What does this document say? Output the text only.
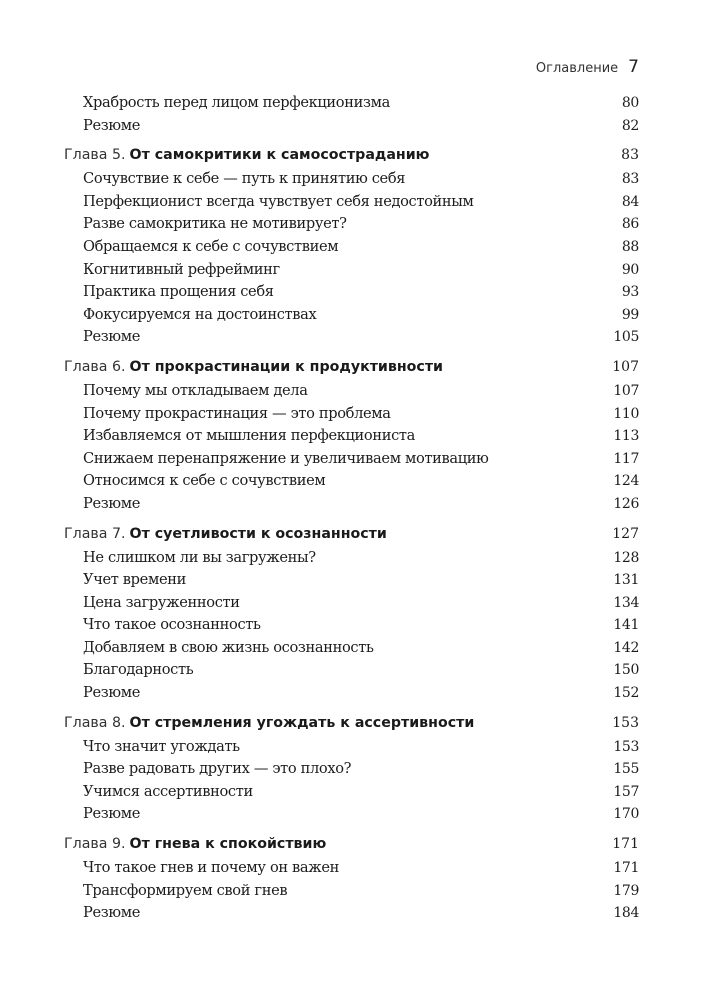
Оглавление 7
Храбрость перед лицом перфекционизма	80
Резюме	82
Глава 5. От самокритики к самосостраданию	83
Сочувствие к себе — путь к принятию себя	83
Перфекционист всегда чувствует себя недостойным	84
Разве самокритика не мотивирует?	86
Обращаемся к себе с сочувствием	88
Когнитивный рефрейминг	90
Практика прощения себя	93
Фокусируемся на достоинствах	99
Резюме	105
Глава 6. От прокрастинации к продуктивности	107
Почему мы откладываем дела	107
Почему прокрастинация — это проблема	110
Избавляемся от мышления перфекциониста	113
Снижаем перенапряжение и увеличиваем мотивацию	117
Относимся к себе с сочувствием	124
Резюме	126
Глава 7. От суетливости к осознанности	127
Не слишком ли вы загружены?	128
Учет времени	131
Цена загруженности	134
Что такое осознанность	141
Добавляем в свою жизнь осознанность	142
Благодарность	150
Резюме	152
Глава 8. От стремления угождать к ассертивности	153
Что значит угождать	153
Разве радовать других — это плохо?	155
Учимся ассертивности	157
Резюме	170
Глава 9. От гнева к спокойствию	171
Что такое гнев и почему он важен	171
Трансформируем свой гнев	179
Резюме	184
